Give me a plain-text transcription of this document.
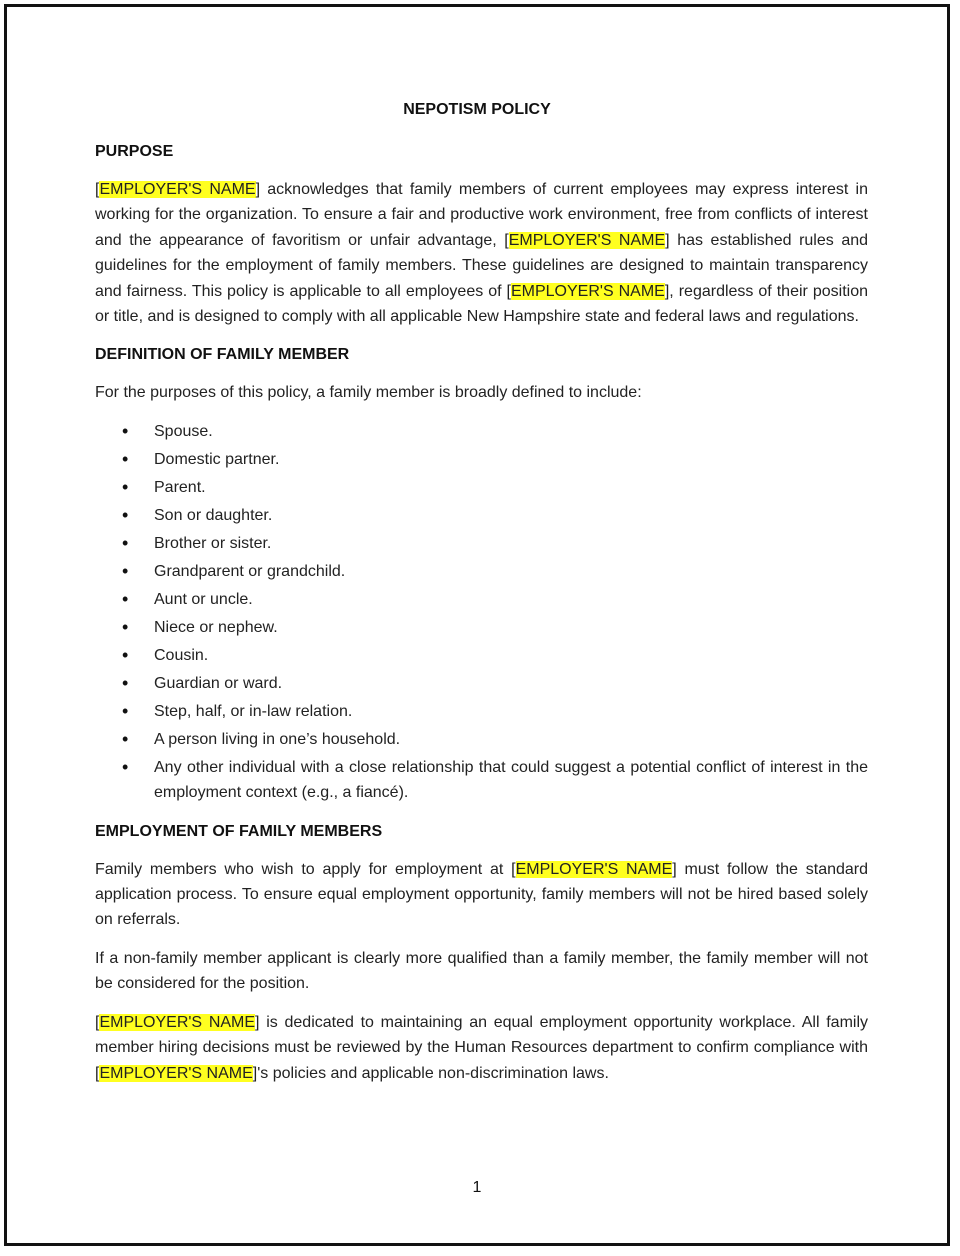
NEPOTISM POLICY
PURPOSE

[EMPLOYER'S NAME] acknowledges that family members of current employees may express interest in working for the organization. To ensure a fair and productive work environment, free from conflicts of interest and the appearance of favoritism or unfair advantage, [EMPLOYER'S NAME] has established rules and guidelines for the employment of family members. These guidelines are designed to maintain transparency and fairness. This policy is applicable to all employees of [EMPLOYER'S NAME], regardless of their position or title, and is designed to comply with all applicable New Hampshire state and federal laws and regulations.

DEFINITION OF FAMILY MEMBER

For the purposes of this policy, a family member is broadly defined to include:

• Spouse.
• Domestic partner.
• Parent.
• Son or daughter.
• Brother or sister.
• Grandparent or grandchild.
• Aunt or uncle.
• Niece or nephew.
• Cousin.
• Guardian or ward.
• Step, half, or in-law relation.
• A person living in one’s household.
• Any other individual with a close relationship that could suggest a potential conflict of interest in the employment context (e.g., a fiancé).
EMPLOYMENT OF FAMILY MEMBERS

Family members who wish to apply for employment at [EMPLOYER'S NAME] must follow the standard application process. To ensure equal employment opportunity, family members will not be hired based solely on referrals.

If a non-family member applicant is clearly more qualified than a family member, the family member will not be considered for the position.

[EMPLOYER'S NAME] is dedicated to maintaining an equal employment opportunity workplace. All family member hiring decisions must be reviewed by the Human Resources department to confirm compliance with [EMPLOYER'S NAME]'s policies and applicable non-discrimination laws.

1
